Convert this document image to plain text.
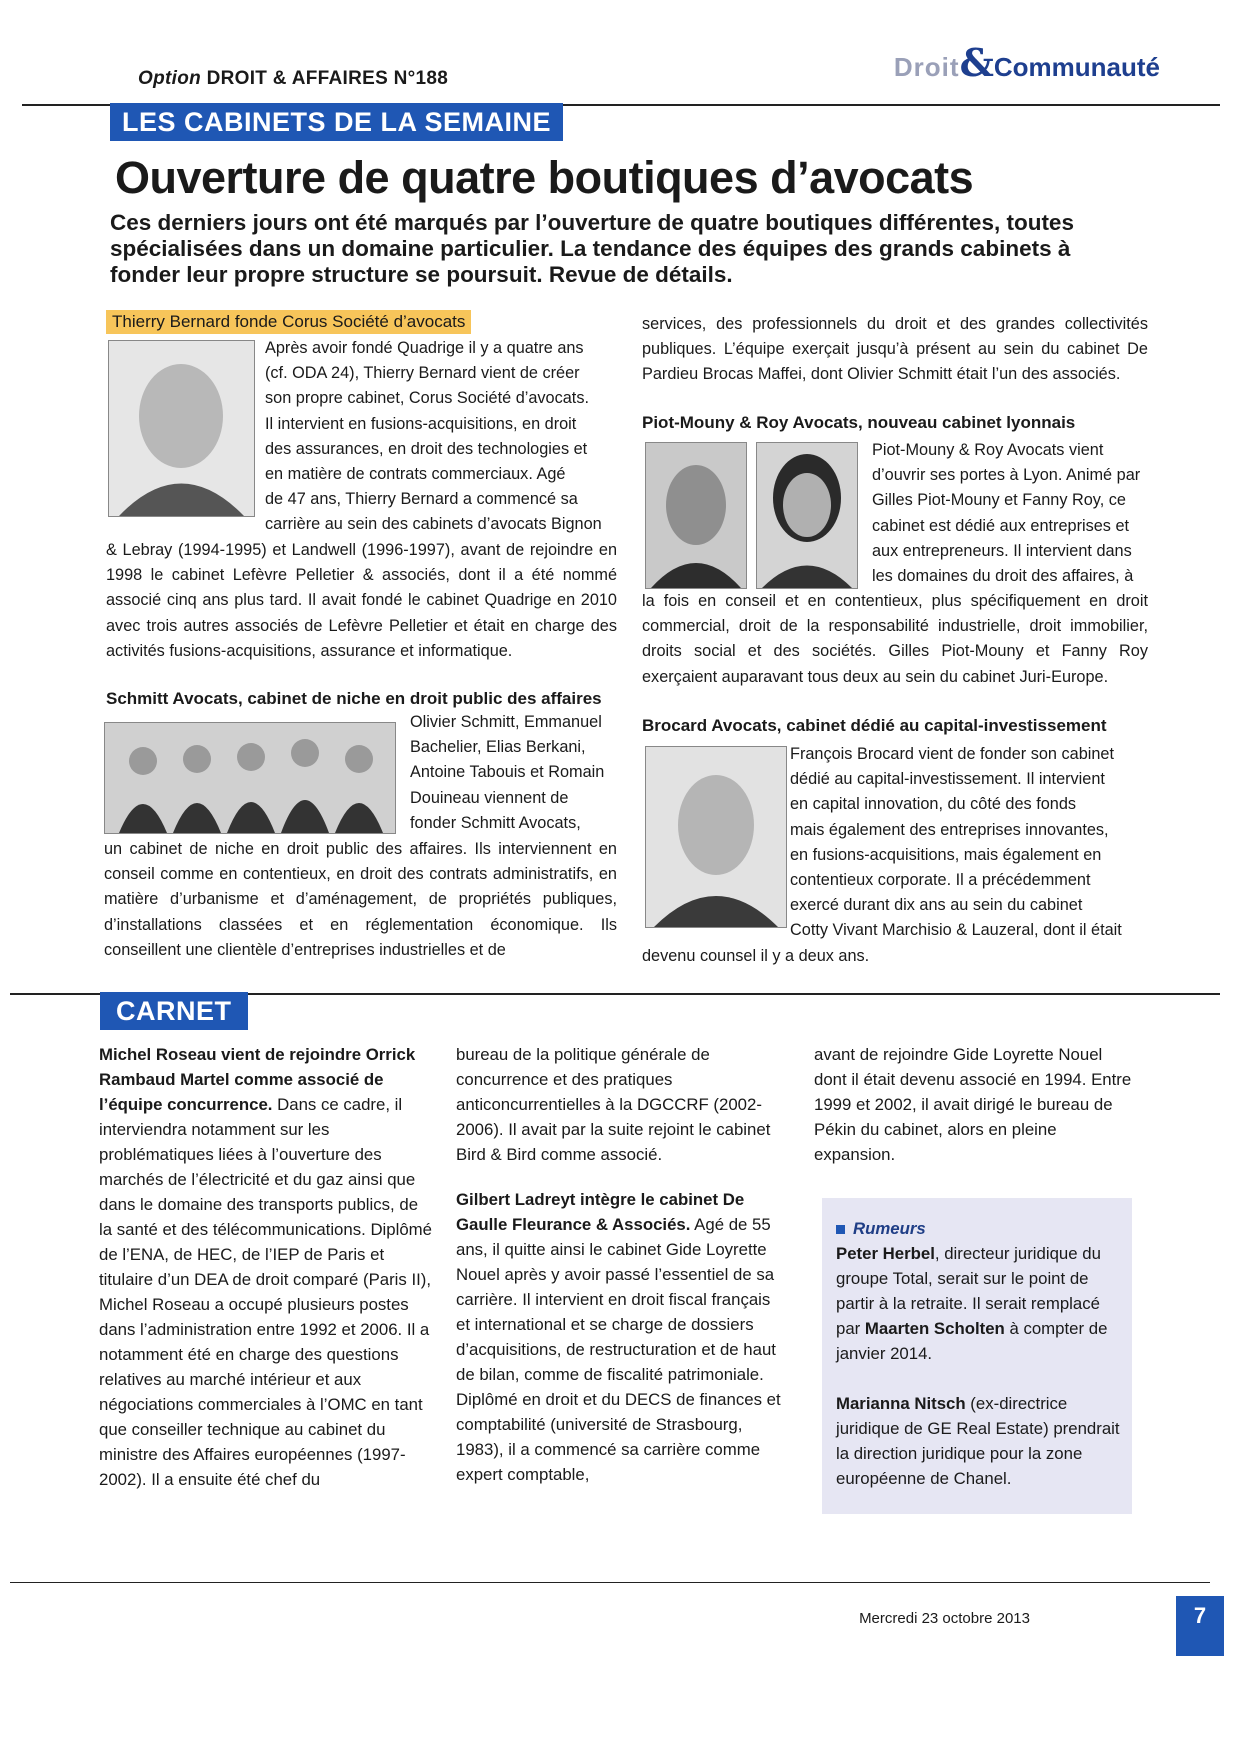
Option DROIT & AFFAIRES N°188	Droit&Communauté
LES CABINETS DE LA SEMAINE
Ouverture de quatre boutiques d’avocats
Ces derniers jours ont été marqués par l’ouverture de quatre boutiques différentes, toutes spécialisées dans un domaine particulier. La tendance des équipes des grands cabinets à fonder leur propre structure se poursuit. Revue de détails.
Thierry Bernard fonde Corus Société d’avocats
Après avoir fondé Quadrige il y a quatre ans
(cf. ODA 24), Thierry Bernard vient de créer
son propre cabinet, Corus Société d’avocats.
Il intervient en fusions-acquisitions, en droit
des assurances, en droit des technologies et
en matière de contrats commerciaux. Agé
de 47 ans, Thierry Bernard a commencé sa
carrière au sein des cabinets d’avocats Bignon
& Lebray (1994-1995) et Landwell (1996-1997), avant de rejoindre en 1998 le cabinet Lefèvre Pelletier & associés, dont il a été nommé associé cinq ans plus tard. Il avait fondé le cabinet Quadrige en 2010 avec trois autres associés de Lefèvre Pelletier et était en charge des activités fusions-acquisitions, assurance et informatique.
Schmitt Avocats, cabinet de niche en droit public des affaires
Olivier Schmitt, Emmanuel
Bachelier, Elias Berkani,
Antoine Tabouis et Romain
Douineau viennent de
fonder Schmitt Avocats,
un cabinet de niche en droit public des affaires. Ils interviennent en conseil comme en contentieux, en droit des contrats administratifs, en matière d’urbanisme et d’aménagement, de propriétés publiques, d’installations classées et en réglementation économique. Ils conseillent une clientèle d’entreprises industrielles et de
services, des professionnels du droit et des grandes collectivités publiques. L’équipe exerçait jusqu’à présent au sein du cabinet De Pardieu Brocas Maffei, dont Olivier Schmitt était l’un des associés.
Piot-Mouny & Roy Avocats, nouveau cabinet lyonnais
Piot-Mouny & Roy Avocats vient
d’ouvrir ses portes à Lyon. Animé par
Gilles Piot-Mouny et Fanny Roy, ce
cabinet est dédié aux entreprises et
aux entrepreneurs. Il intervient dans
les domaines du droit des affaires, à
la fois en conseil et en contentieux, plus spécifiquement en droit commercial, droit de la responsabilité industrielle, droit immobilier, droits social et des sociétés. Gilles Piot-Mouny et Fanny Roy exerçaient auparavant tous deux au sein du cabinet Juri-Europe.
Brocard Avocats, cabinet dédié au capital-investissement
François Brocard vient de fonder son cabinet
dédié au capital-investissement. Il intervient
en capital innovation, du côté des fonds
mais également des entreprises innovantes,
en fusions-acquisitions, mais également en
contentieux corporate. Il a précédemment
exercé durant dix ans au sein du cabinet
Cotty Vivant Marchisio & Lauzeral, dont il était
devenu counsel il y a deux ans.
CARNET
Michel Roseau vient de rejoindre Orrick Rambaud Martel comme associé de l’équipe concurrence. Dans ce cadre, il interviendra notamment sur les problématiques liées à l’ouverture des marchés de l’électricité et du gaz ainsi que dans le domaine des transports publics, de la santé et des télécommunications. Diplômé de l’ENA, de HEC, de l’IEP de Paris et titulaire d’un DEA de droit comparé (Paris II), Michel Roseau a occupé plusieurs postes dans l’administration entre 1992 et 2006. Il a notamment été en charge des questions relatives au marché intérieur et aux négociations commerciales à l’OMC en tant que conseiller technique au cabinet du ministre des Affaires européennes (1997-2002). Il a ensuite été chef du
bureau de la politique générale de concurrence et des pratiques anticoncurrentielles à la DGCCRF (2002-2006). Il avait par la suite rejoint le cabinet Bird & Bird comme associé.
Gilbert Ladreyt intègre le cabinet De Gaulle Fleurance & Associés. Agé de 55 ans, il quitte ainsi le cabinet Gide Loyrette Nouel après y avoir passé l’essentiel de sa carrière. Il intervient en droit fiscal français et international et se charge de dossiers d’acquisitions, de restructuration et de haut de bilan, comme de fiscalité patrimoniale. Diplômé en droit et du DECS de finances et comptabilité (université de Strasbourg, 1983), il a commencé sa carrière comme expert comptable,
avant de rejoindre Gide Loyrette Nouel dont il était devenu associé en 1994. Entre 1999 et 2002, il avait dirigé le bureau de Pékin du cabinet, alors en pleine expansion.
Rumeurs
Peter Herbel, directeur juridique du groupe Total, serait sur le point de partir à la retraite. Il serait remplacé par Maarten Scholten à compter de janvier 2014.
Marianna Nitsch (ex-directrice juridique de GE Real Estate) prendrait la direction juridique pour la zone européenne de Chanel.
Mercredi 23 octobre 2013	7
